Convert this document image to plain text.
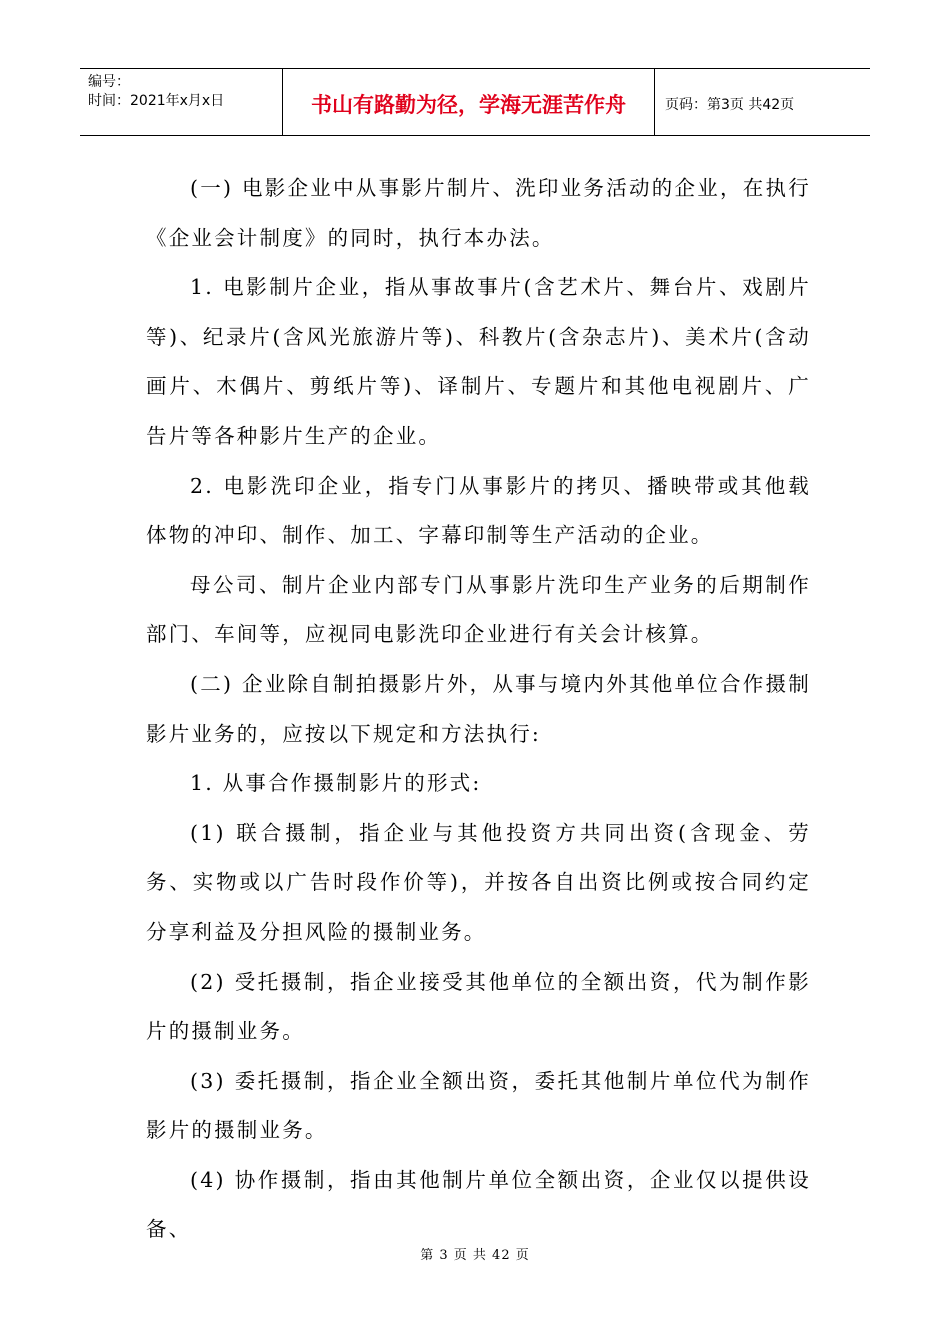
编号：
时间：2021年x月x日	书山有路勤为径，学海无涯苦作舟	页码：第3页 共42页

(一) 电影企业中从事影片制片、洗印业务活动的企业，在执行《企业会计制度》的同时，执行本办法。

1. 电影制片企业，指从事故事片(含艺术片、舞台片、戏剧片等)、纪录片(含风光旅游片等)、科教片(含杂志片)、美术片(含动画片、木偶片、剪纸片等)、译制片、专题片和其他电视剧片、广告片等各种影片生产的企业。

2. 电影洗印企业，指专门从事影片的拷贝、播映带或其他载体物的冲印、制作、加工、字幕印制等生产活动的企业。

母公司、制片企业内部专门从事影片洗印生产业务的后期制作部门、车间等，应视同电影洗印企业进行有关会计核算。

(二) 企业除自制拍摄影片外，从事与境内外其他单位合作摄制影片业务的，应按以下规定和方法执行:

1. 从事合作摄制影片的形式:

(1) 联合摄制，指企业与其他投资方共同出资(含现金、劳务、实物或以广告时段作价等)，并按各自出资比例或按合同约定分享利益及分担风险的摄制业务。

(2) 受托摄制，指企业接受其他单位的全额出资，代为制作影片的摄制业务。

(3) 委托摄制，指企业全额出资，委托其他制片单位代为制作影片的摄制业务。

(4) 协作摄制，指由其他制片单位全额出资，企业仅以提供设备、

第 3 页 共 42 页
